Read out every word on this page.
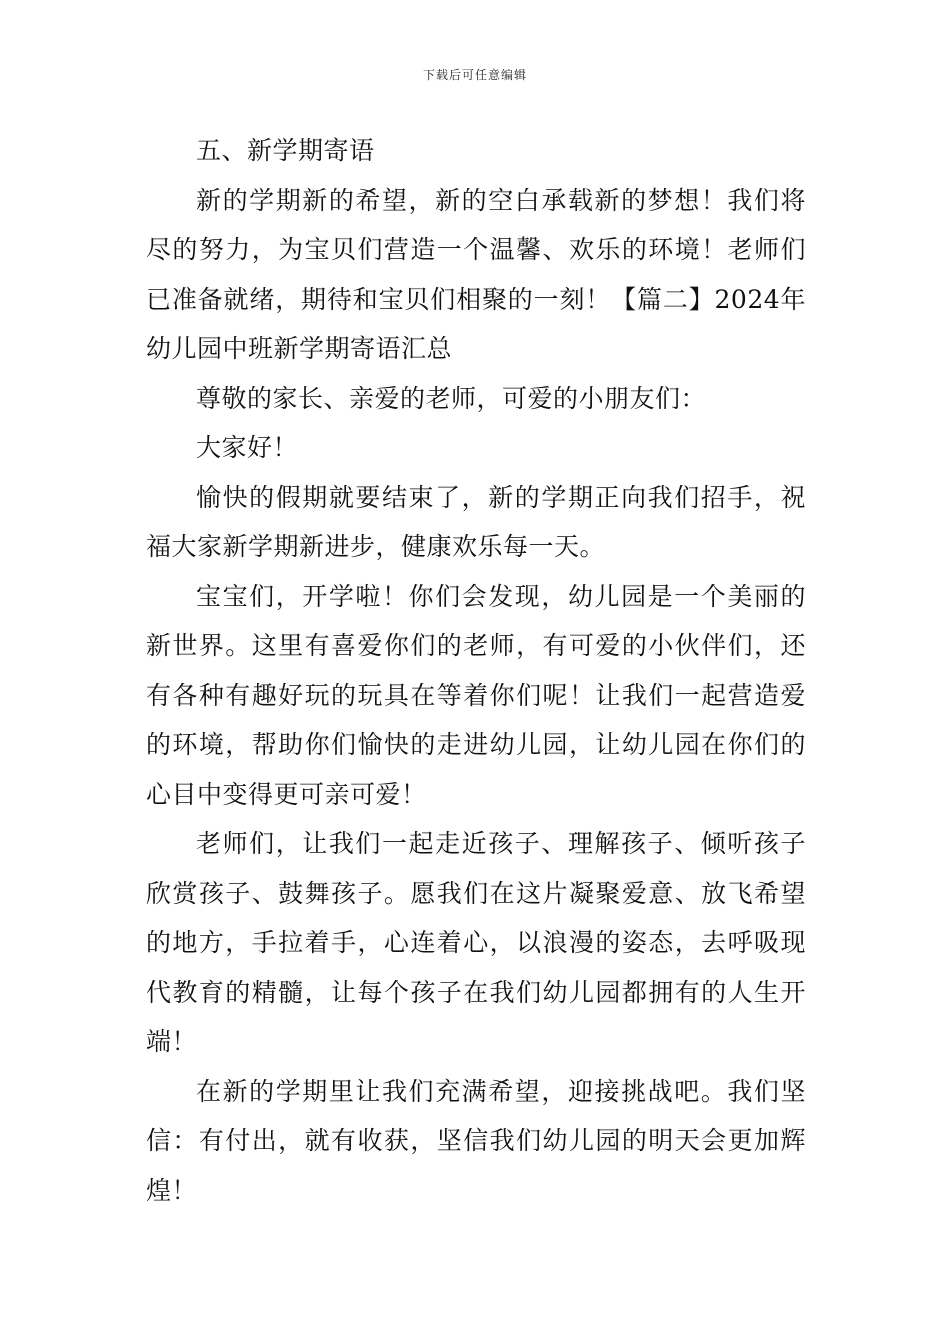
下载后可任意编辑

五、新学期寄语

新的学期新的希望，新的空白承载新的梦想！我们将尽的努力，为宝贝们营造一个温馨、欢乐的环境！老师们已准备就绪，期待和宝贝们相聚的一刻！【篇二】2024年幼儿园中班新学期寄语汇总

尊敬的家长、亲爱的老师，可爱的小朋友们：

大家好！

愉快的假期就要结束了，新的学期正向我们招手，祝福大家新学期新进步，健康欢乐每一天。

宝宝们，开学啦！你们会发现，幼儿园是一个美丽的新世界。这里有喜爱你们的老师，有可爱的小伙伴们，还有各种有趣好玩的玩具在等着你们呢！让我们一起营造爱的环境，帮助你们愉快的走进幼儿园，让幼儿园在你们的心目中变得更可亲可爱！

老师们，让我们一起走近孩子、理解孩子、倾听孩子欣赏孩子、鼓舞孩子。愿我们在这片凝聚爱意、放飞希望的地方，手拉着手，心连着心，以浪漫的姿态，去呼吸现代教育的精髓，让每个孩子在我们幼儿园都拥有的人生开端！

在新的学期里让我们充满希望，迎接挑战吧。我们坚信：有付出，就有收获，坚信我们幼儿园的明天会更加辉煌！
